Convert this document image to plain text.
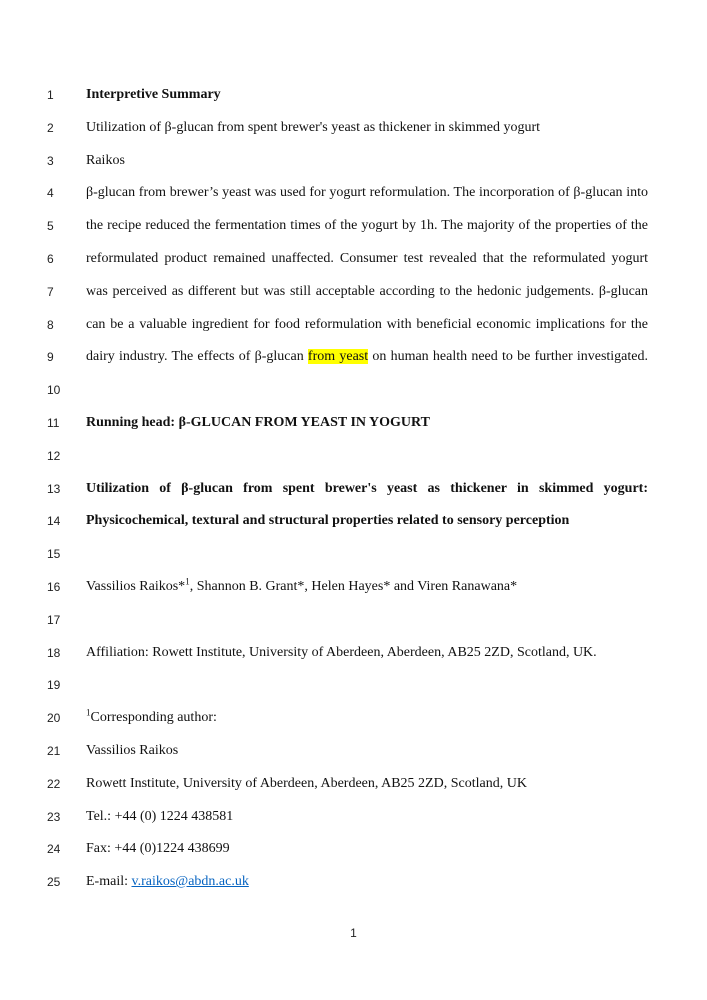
1	Interpretive Summary
2	Utilization of β-glucan from spent brewer's yeast as thickener in skimmed yogurt
3	Raikos
4	β-glucan from brewer’s yeast was used for yogurt reformulation. The incorporation of β-glucan into
5	the recipe reduced the fermentation times of the yogurt by 1h. The majority of the properties of the
6	reformulated product remained unaffected. Consumer test revealed that the reformulated yogurt
7	was perceived as different but was still acceptable according to the hedonic judgements. β-glucan
8	can be a valuable ingredient for food reformulation with beneficial economic implications for the
9	dairy industry. The effects of β-glucan from yeast on human health need to be further investigated.
10
11	Running head: β-GLUCAN FROM YEAST IN YOGURT
12
13	Utilization of β-glucan from spent brewer's yeast as thickener in skimmed yogurt:
14	Physicochemical, textural and structural properties related to sensory perception
15
16	Vassilios Raikos*$^1$, Shannon B. Grant*, Helen Hayes* and Viren Ranawana*
17
18	Affiliation: Rowett Institute, University of Aberdeen, Aberdeen, AB25 2ZD, Scotland, UK.
19
20	$^1$Corresponding author:
21	Vassilios Raikos
22	Rowett Institute, University of Aberdeen, Aberdeen, AB25 2ZD, Scotland, UK
23	Tel.: +44 (0) 1224 438581
24	Fax: +44 (0)1224 438699
25	E-mail: v.raikos@abdn.ac.uk
1
